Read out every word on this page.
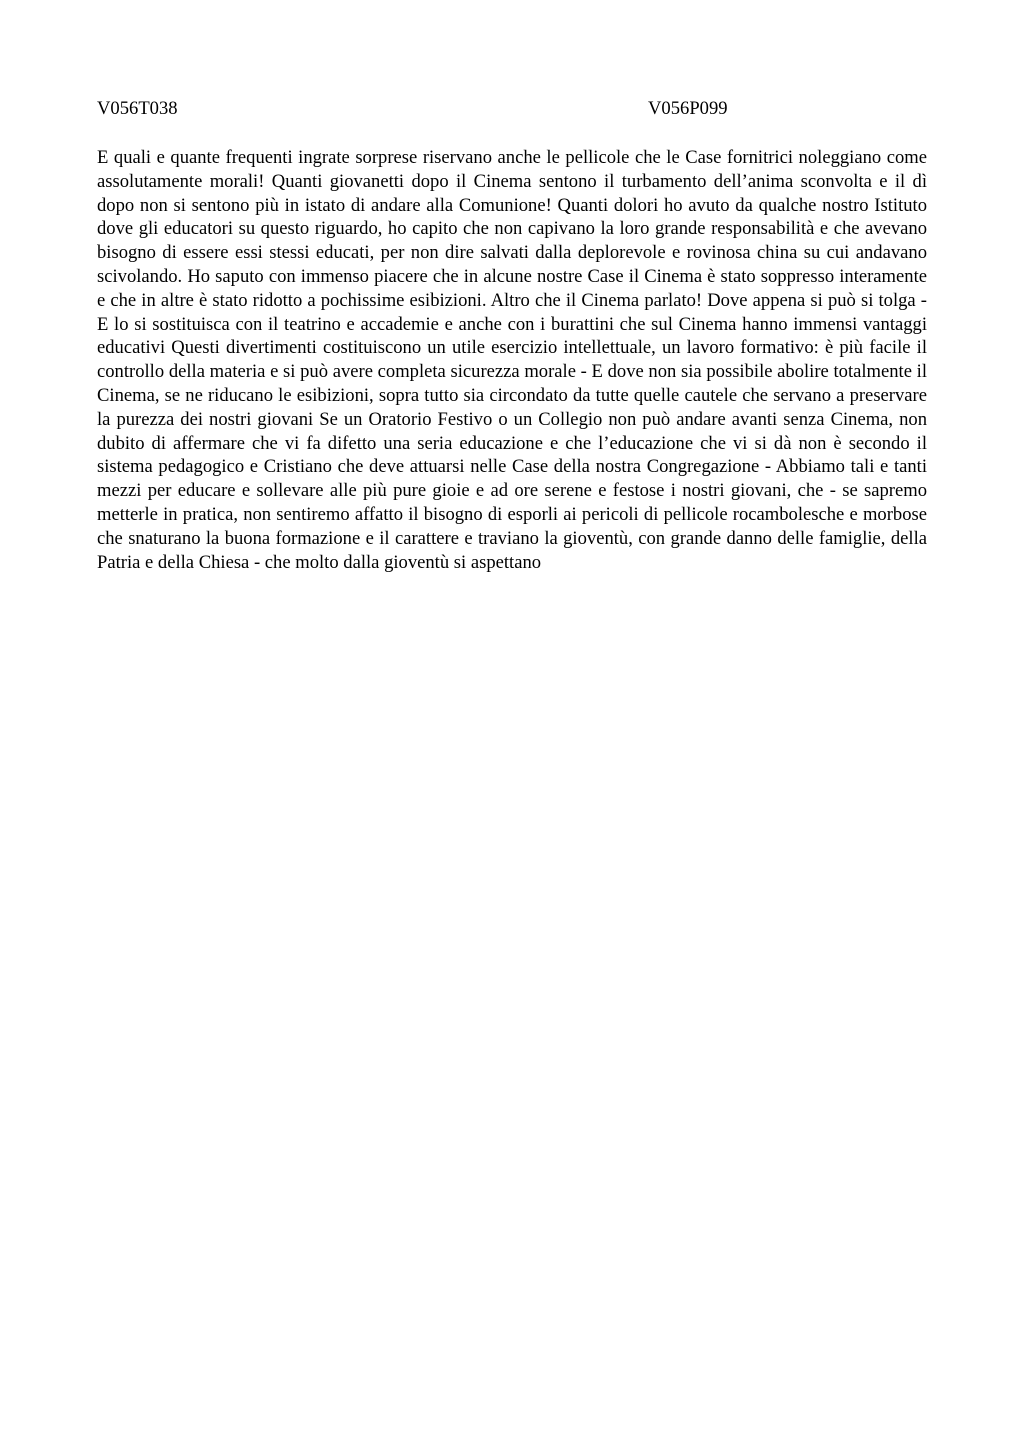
V056T038	V056P099

E quali e quante frequenti ingrate sorprese riservano anche le pellicole che le Case fornitrici noleggiano come assolutamente morali! Quanti giovanetti dopo il Cinema sentono il turbamento dell’anima sconvolta e il dì dopo non si sentono più in istato di andare alla Comunione! Quanti dolori ho avuto da qualche nostro Istituto dove gli educatori su questo riguardo, ho capito che non capivano la loro grande responsabilità e che avevano bisogno di essere essi stessi educati, per non dire salvati dalla deplorevole e rovinosa china su cui andavano scivolando. Ho saputo con immenso piacere che in alcune nostre Case il Cinema è stato soppresso interamente e che in altre è stato ridotto a pochissime esibizioni. Altro che il Cinema parlato! Dove appena si può si tolga - E lo si sostituisca con il teatrino e accademie e anche con i burattini che sul Cinema hanno immensi vantaggi educativi Questi divertimenti costituiscono un utile esercizio intellettuale, un lavoro formativo: è più facile il controllo della materia e si può avere completa sicurezza morale - E dove non sia possibile abolire totalmente il Cinema, se ne riducano le esibizioni, sopra tutto sia circondato da tutte quelle cautele che servano a preservare la purezza dei nostri giovani Se un Oratorio Festivo o un Collegio non può andare avanti senza Cinema, non dubito di affermare che vi fa difetto una seria educazione e che l’educazione che vi si dà non è secondo il sistema pedagogico e Cristiano che deve attuarsi nelle Case della nostra Congregazione - Abbiamo tali e tanti mezzi per educare e sollevare alle più pure gioie e ad ore serene e festose i nostri giovani, che - se sapremo metterle in pratica, non sentiremo affatto il bisogno di esporli ai pericoli di pellicole rocambolesche e morbose che snaturano la buona formazione e il carattere e traviano la gioventù, con grande danno delle famiglie, della Patria e della Chiesa - che molto dalla gioventù si aspettano
